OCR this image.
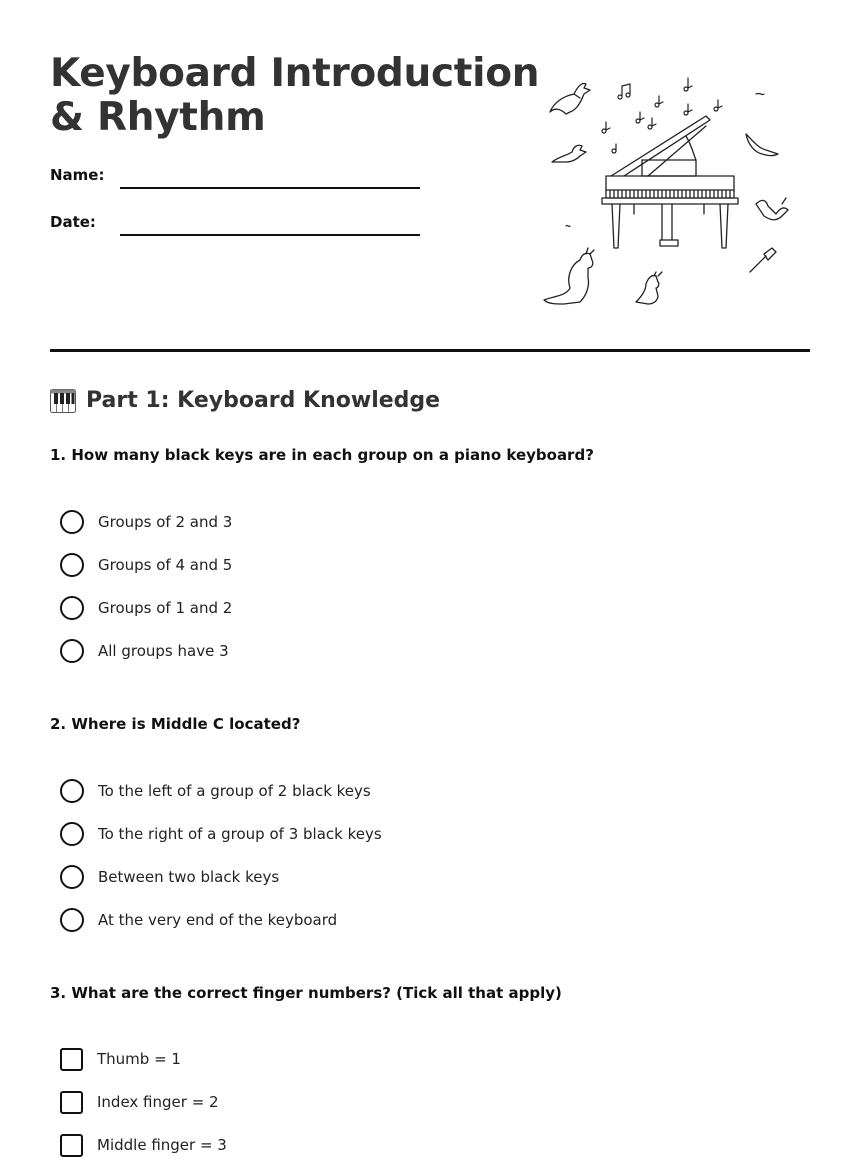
Keyboard Introduction
& Rhythm
Name:
Date:
Part 1: Keyboard Knowledge

1. How many black keys are in each group on a piano keyboard?

Groups of 2 and 3
Groups of 4 and 5
Groups of 1 and 2
All groups have 3

2. Where is Middle C located?

To the left of a group of 2 black keys
To the right of a group of 3 black keys
Between two black keys
At the very end of the keyboard

3. What are the correct finger numbers? (Tick all that apply)

Thumb = 1
Index finger = 2
Middle finger = 3
